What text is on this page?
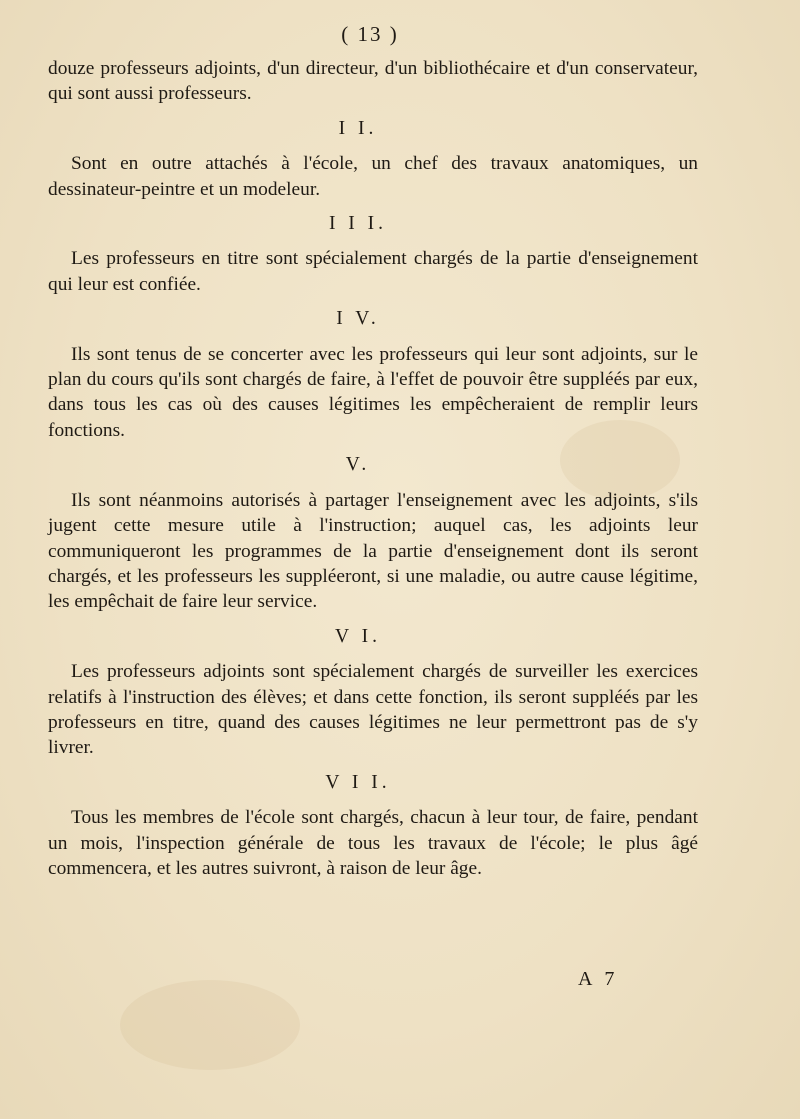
( 13 )

douze professeurs adjoints, d'un directeur, d'un bibliothécaire et d'un conservateur, qui sont aussi professeurs.

I I.

Sont en outre attachés à l'école, un chef des travaux anatomiques, un dessinateur-peintre et un modeleur.

I I I.

Les professeurs en titre sont spécialement chargés de la partie d'enseignement qui leur est confiée.

I V.

Ils sont tenus de se concerter avec les professeurs qui leur sont adjoints, sur le plan du cours qu'ils sont chargés de faire, à l'effet de pouvoir être suppléés par eux, dans tous les cas où des causes légitimes les empêcheraient de remplir leurs fonctions.

V.

Ils sont néanmoins autorisés à partager l'enseignement avec les adjoints, s'ils jugent cette mesure utile à l'instruction; auquel cas, les adjoints leur communiqueront les programmes de la partie d'enseignement dont ils seront chargés, et les professeurs les suppléeront, si une maladie, ou autre cause légitime, les empêchait de faire leur service.

V I.

Les professeurs adjoints sont spécialement chargés de surveiller les exercices relatifs à l'instruction des élèves; et dans cette fonction, ils seront suppléés par les professeurs en titre, quand des causes légitimes ne leur permettront pas de s'y livrer.

V I I.

Tous les membres de l'école sont chargés, chacun à leur tour, de faire, pendant un mois, l'inspection générale de tous les travaux de l'école; le plus âgé commencera, et les autres suivront, à raison de leur âge.

A 7
